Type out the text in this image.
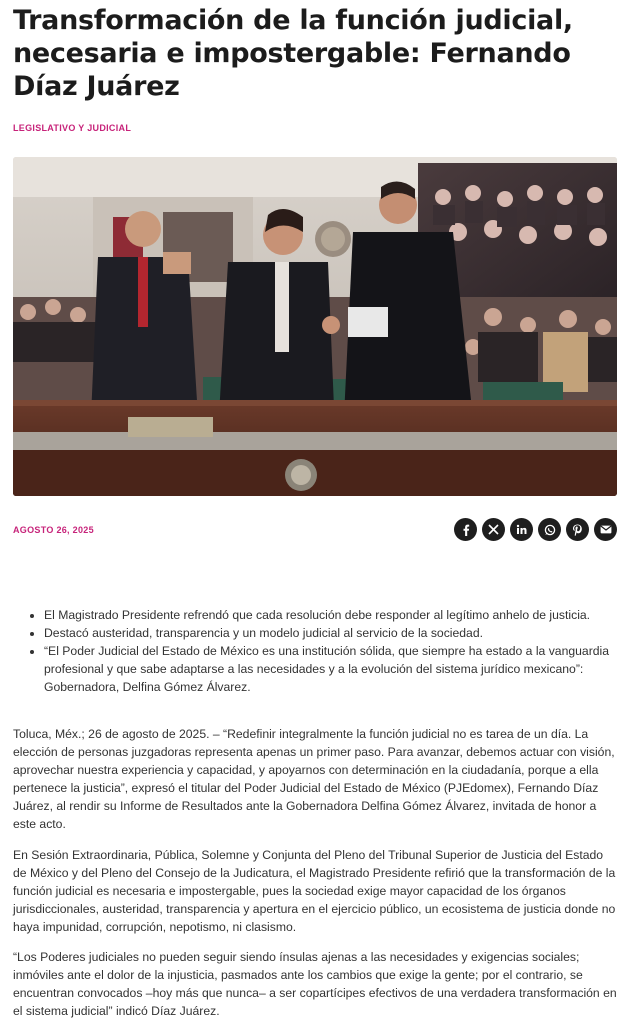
Transformación de la función judicial, necesaria e impostergable: Fernando Díaz Juárez
LEGISLATIVO Y JUDICIAL
AGOSTO 26, 2025
• El Magistrado Presidente refrendó que cada resolución debe responder al legítimo anhelo de justicia.
• Destacó austeridad, transparencia y un modelo judicial al servicio de la sociedad.
• “El Poder Judicial del Estado de México es una institución sólida, que siempre ha estado a la vanguardia profesional y que sabe adaptarse a las necesidades y a la evolución del sistema jurídico mexicano”: Gobernadora, Delfina Gómez Álvarez.

Toluca, Méx.; 26 de agosto de 2025. – “Redefinir integralmente la función judicial no es tarea de un día. La elección de personas juzgadoras representa apenas un primer paso. Para avanzar, debemos actuar con visión, aprovechar nuestra experiencia y capacidad, y apoyarnos con determinación en la ciudadanía, porque a ella pertenece la justicia”, expresó el titular del Poder Judicial del Estado de México (PJEdomex), Fernando Díaz Juárez, al rendir su Informe de Resultados ante la Gobernadora Delfina Gómez Álvarez, invitada de honor a este acto.

En Sesión Extraordinaria, Pública, Solemne y Conjunta del Pleno del Tribunal Superior de Justicia del Estado de México y del Pleno del Consejo de la Judicatura, el Magistrado Presidente refirió que la transformación de la función judicial es necesaria e impostergable, pues la sociedad exige mayor capacidad de los órganos jurisdiccionales, austeridad, transparencia y apertura en el ejercicio público, un ecosistema de justicia donde no haya impunidad, corrupción, nepotismo, ni clasismo.

“Los Poderes judiciales no pueden seguir siendo ínsulas ajenas a las necesidades y exigencias sociales; inmóviles ante el dolor de la injusticia, pasmados ante los cambios que exige la gente; por el contrario, se encuentran convocados –hoy más que nunca– a ser copartícipes efectivos de una verdadera transformación en el sistema judicial” indicó Díaz Juárez.
